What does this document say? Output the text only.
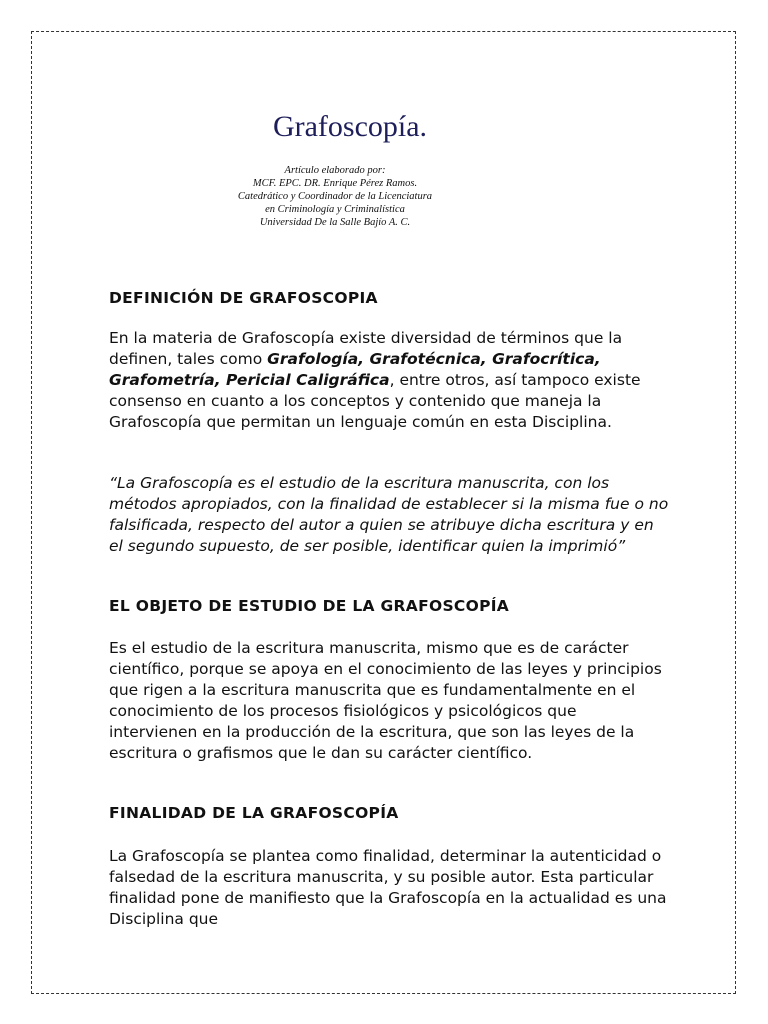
Grafoscopía.
Artículo elaborado por:
MCF. EPC. DR. Enrique Pérez Ramos.
Catedrático y Coordinador de la Licenciatura
en Criminología y Criminalística
Universidad De la Salle Bajío A. C.
DEFINICIÓN DE GRAFOSCOPIA
En la materia de Grafoscopía existe diversidad de términos que la definen, tales como Grafología, Grafotécnica, Grafocrítica, Grafometría, Pericial Caligráfica, entre otros, así tampoco existe consenso en cuanto a los conceptos y contenido que maneja la Grafoscopía que permitan un lenguaje común en esta Disciplina.
“La Grafoscopía es el estudio de la escritura manuscrita, con los métodos apropiados, con la finalidad de establecer si la misma fue o no falsificada, respecto del autor a quien se atribuye dicha escritura y en el segundo supuesto, de ser posible, identificar quien la imprimió”
EL OBJETO DE ESTUDIO DE LA GRAFOSCOPÍA
Es el estudio de la escritura manuscrita, mismo que es de carácter científico, porque se apoya en el conocimiento de las leyes y principios que rigen a la escritura manuscrita que es fundamentalmente en el conocimiento de los procesos fisiológicos y psicológicos que intervienen en la producción de la escritura, que son las leyes de la escritura o grafismos que le dan su carácter científico.
FINALIDAD DE LA GRAFOSCOPÍA
La Grafoscopía se plantea como finalidad, determinar la autenticidad o falsedad de la escritura manuscrita, y su posible autor. Esta particular finalidad pone de manifiesto que la Grafoscopía en la actualidad es una Disciplina que
